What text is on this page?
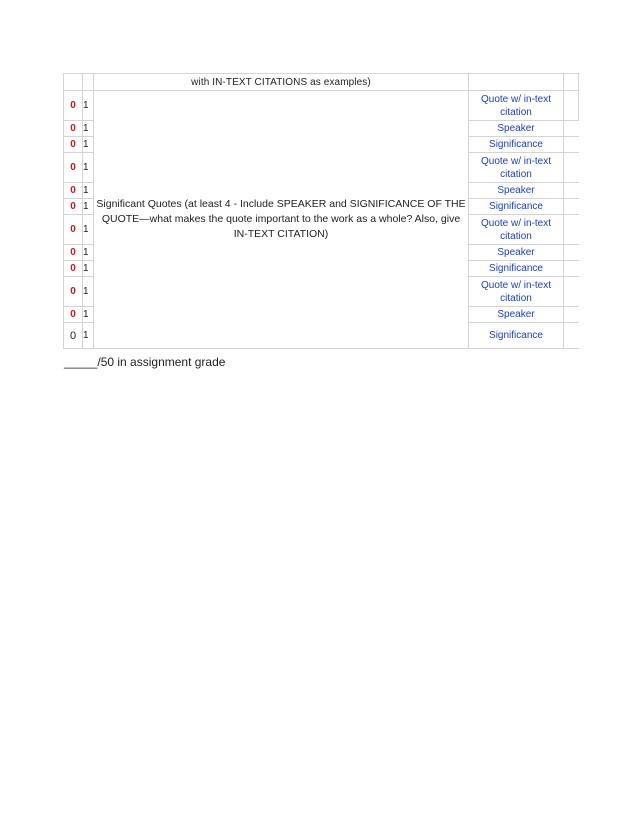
		with IN-TEXT CITATIONS as examples)		
0	1	Significant Quotes (at least 4 - Include SPEAKER and SIGNIFICANCE OF THE QUOTE—what makes the quote important to the work as a whole? Also, give IN-TEXT CITATION)	Quote w/ in-text citation	
0	1		Speaker	
0	1		Significance	
0	1		Quote w/ in-text citation	
0	1		Speaker	
0	1		Significance	
0	1		Quote w/ in-text citation	
0	1		Speaker	
0	1		Significance	
0	1		Quote w/ in-text citation	
0	1		Speaker	
0	1		Significance	
_____/50 in assignment grade
